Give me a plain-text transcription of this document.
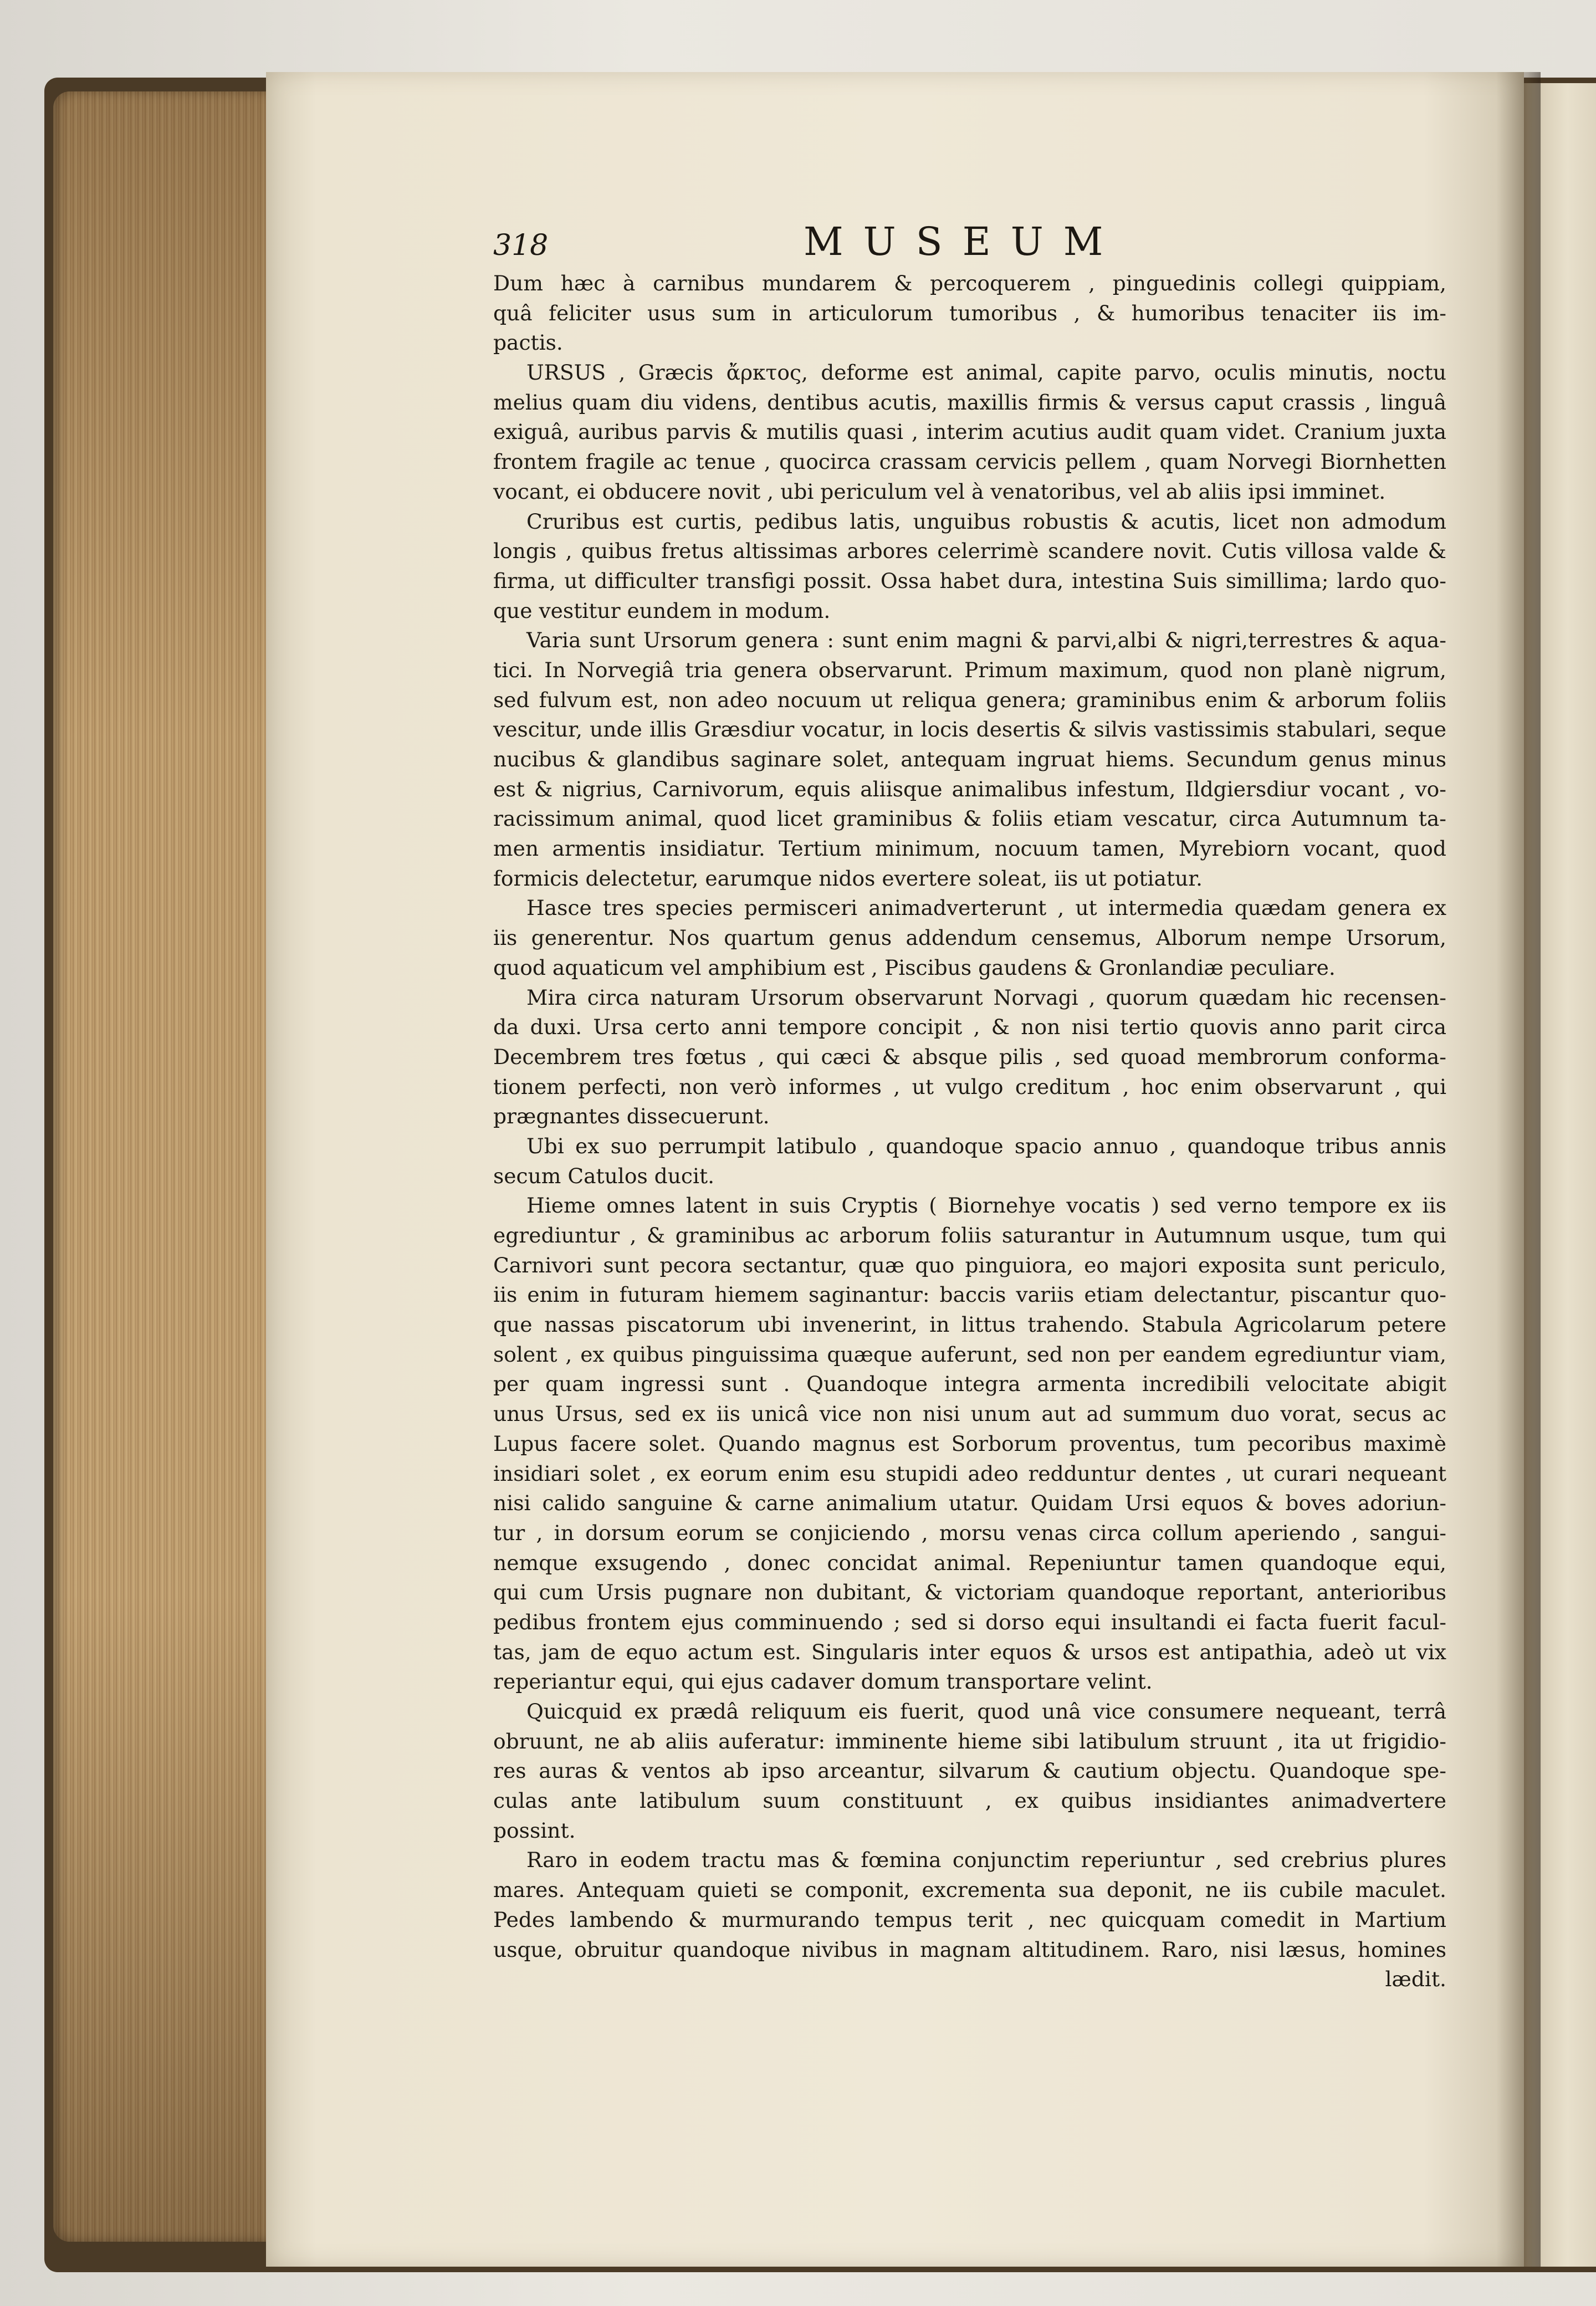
318	MUSEUM
Dum hæc à carnibus mundarem & percoquerem , pinguedinis collegi quippiam,
quâ feliciter usus sum in articulorum tumoribus , & humoribus tenaciter iis im-
pactis.
URSUS , Græcis ἄρκτος, deforme est animal, capite parvo, oculis minutis, noctu
melius quam diu videns, dentibus acutis, maxillis firmis & versus caput crassis , linguâ
exiguâ, auribus parvis & mutilis quasi , interim acutius audit quam videt. Cranium juxta
frontem fragile ac tenue , quocirca crassam cervicis pellem , quam Norvegi Biornhetten
vocant, ei obducere novit , ubi periculum vel à venatoribus, vel ab aliis ipsi imminet.
Cruribus est curtis, pedibus latis, unguibus robustis & acutis, licet non admodum
longis , quibus fretus altissimas arbores celerrimè scandere novit. Cutis villosa valde &
firma, ut difficulter transfigi possit. Ossa habet dura, intestina Suis simillima; lardo quo-
que vestitur eundem in modum.
Varia sunt Ursorum genera : sunt enim magni & parvi,albi & nigri,terrestres & aqua-
tici. In Norvegiâ tria genera observarunt. Primum maximum, quod non planè nigrum,
sed fulvum est, non adeo nocuum ut reliqua genera; graminibus enim & arborum foliis
vescitur, unde illis Græsdiur vocatur, in locis desertis & silvis vastissimis stabulari, seque
nucibus & glandibus saginare solet, antequam ingruat hiems. Secundum genus minus
est & nigrius, Carnivorum, equis aliisque animalibus infestum, Ildgiersdiur vocant , vo-
racissimum animal, quod licet graminibus & foliis etiam vescatur, circa Autumnum ta-
men armentis insidiatur. Tertium minimum, nocuum tamen, Myrebiorn vocant, quod
formicis delectetur, earumque nidos evertere soleat, iis ut potiatur.
Hasce tres species permisceri animadverterunt , ut intermedia quædam genera ex
iis generentur. Nos quartum genus addendum censemus, Alborum nempe Ursorum,
quod aquaticum vel amphibium est , Piscibus gaudens & Gronlandiæ peculiare.
Mira circa naturam Ursorum observarunt Norvagi , quorum quædam hic recensen-
da duxi. Ursa certo anni tempore concipit , & non nisi tertio quovis anno parit circa
Decembrem tres fœtus , qui cæci & absque pilis , sed quoad membrorum conforma-
tionem perfecti, non verò informes , ut vulgo creditum , hoc enim observarunt , qui
prægnantes dissecuerunt.
Ubi ex suo perrumpit latibulo , quandoque spacio annuo , quandoque tribus annis
secum Catulos ducit.
Hieme omnes latent in suis Cryptis ( Biornehye vocatis ) sed verno tempore ex iis
egrediuntur , & graminibus ac arborum foliis saturantur in Autumnum usque, tum qui
Carnivori sunt pecora sectantur, quæ quo pinguiora, eo majori exposita sunt periculo,
iis enim in futuram hiemem saginantur: baccis variis etiam delectantur, piscantur quo-
que nassas piscatorum ubi invenerint, in littus trahendo. Stabula Agricolarum petere
solent , ex quibus pinguissima quæque auferunt, sed non per eandem egrediuntur viam,
per quam ingressi sunt . Quandoque integra armenta incredibili velocitate abigit
unus Ursus, sed ex iis unicâ vice non nisi unum aut ad summum duo vorat, secus ac
Lupus facere solet. Quando magnus est Sorborum proventus, tum pecoribus maximè
insidiari solet , ex eorum enim esu stupidi adeo redduntur dentes , ut curari nequeant
nisi calido sanguine & carne animalium utatur. Quidam Ursi equos & boves adoriun-
tur , in dorsum eorum se conjiciendo , morsu venas circa collum aperiendo , sangui-
nemque exsugendo , donec concidat animal. Repeniuntur tamen quandoque equi,
qui cum Ursis pugnare non dubitant, & victoriam quandoque reportant, anterioribus
pedibus frontem ejus comminuendo ; sed si dorso equi insultandi ei facta fuerit facul-
tas, jam de equo actum est. Singularis inter equos & ursos est antipathia, adeò ut vix
reperiantur equi, qui ejus cadaver domum transportare velint.
Quicquid ex prædâ reliquum eis fuerit, quod unâ vice consumere nequeant, terrâ
obruunt, ne ab aliis auferatur: imminente hieme sibi latibulum struunt , ita ut frigidio-
res auras & ventos ab ipso arceantur, silvarum & cautium objectu. Quandoque spe-
culas ante latibulum suum constituunt , ex quibus insidiantes animadvertere
possint.
Raro in eodem tractu mas & fœmina conjunctim reperiuntur , sed crebrius plures
mares. Antequam quieti se componit, excrementa sua deponit, ne iis cubile maculet.
Pedes lambendo & murmurando tempus terit , nec quicquam comedit in Martium
usque, obruitur quandoque nivibus in magnam altitudinem. Raro, nisi læsus, homines
lædit.
